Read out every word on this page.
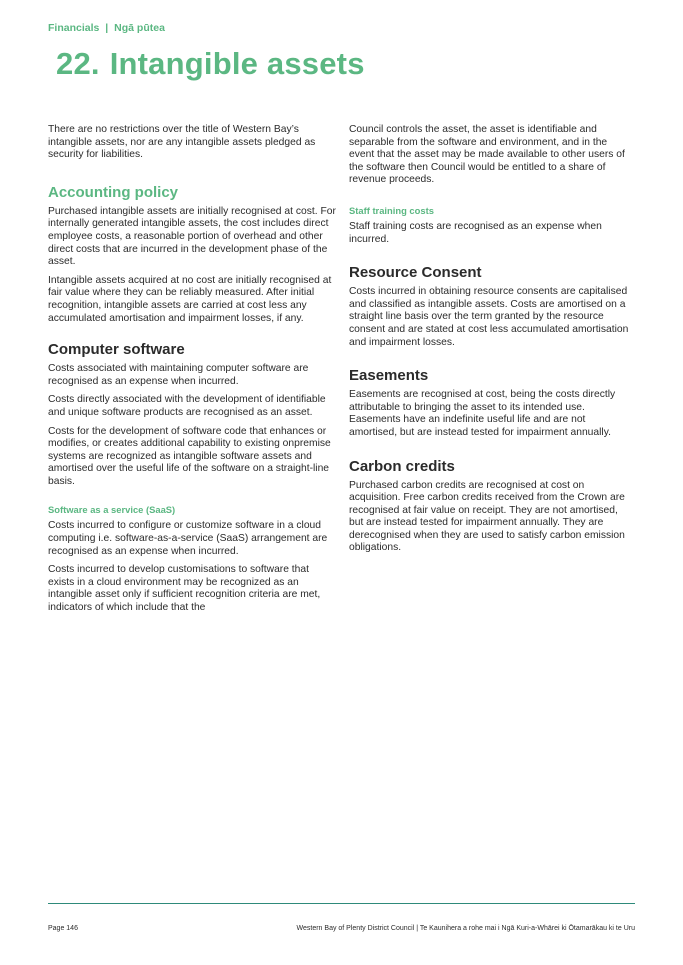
Financials | Ngā pūtea
22. Intangible assets

There are no restrictions over the title of Western Bay’s intangible assets, nor are any intangible assets pledged as security for liabilities.

Accounting policy

Purchased intangible assets are initially recognised at cost. For internally generated intangible assets, the cost includes direct employee costs, a reasonable portion of overhead and other direct costs that are incurred in the development phase of the asset.

Intangible assets acquired at no cost are initially recognised at fair value where they can be reliably measured. After initial recognition, intangible assets are carried at cost less any accumulated amortisation and impairment losses, if any.

Computer software

Costs associated with maintaining computer software are recognised as an expense when incurred.

Costs directly associated with the development of identifiable and unique software products are recognised as an asset.

Costs for the development of software code that enhances or modifies, or creates additional capability to existing onpremise systems are recognized as intangible software assets and amortised over the useful life of the software on a straight-line basis.

Software as a service (SaaS)

Costs incurred to configure or customize software in a cloud computing i.e. software-as-a-service (SaaS) arrangement are recognised as an expense when incurred.

Costs incurred to develop customisations to software that exists in a cloud environment may be recognized as an intangible asset only if sufficient recognition criteria are met, indicators of which include that the

Council controls the asset, the asset is identifiable and separable from the software and environment, and in the event that the asset may be made available to other users of the software then Council would be entitled to a share of revenue proceeds.

Staff training costs

Staff training costs are recognised as an expense when incurred.

Resource Consent

Costs incurred in obtaining resource consents are capitalised and classified as intangible assets. Costs are amortised on a straight line basis over the term granted by the resource consent and are stated at cost less accumulated amortisation and impairment losses.

Easements

Easements are recognised at cost, being the costs directly attributable to bringing the asset to its intended use. Easements have an indefinite useful life and are not amortised, but are instead tested for impairment annually.

Carbon credits

Purchased carbon credits are recognised at cost on acquisition. Free carbon credits received from the Crown are recognised at fair value on receipt. They are not amortised, but are instead tested for impairment annually. They are derecognised when they are used to satisfy carbon emission obligations.

Page 146	Western Bay of Plenty District Council | Te Kaunihera a rohe mai i Ngā Kuri-a-Whārei ki Ōtamarākau ki te Uru
